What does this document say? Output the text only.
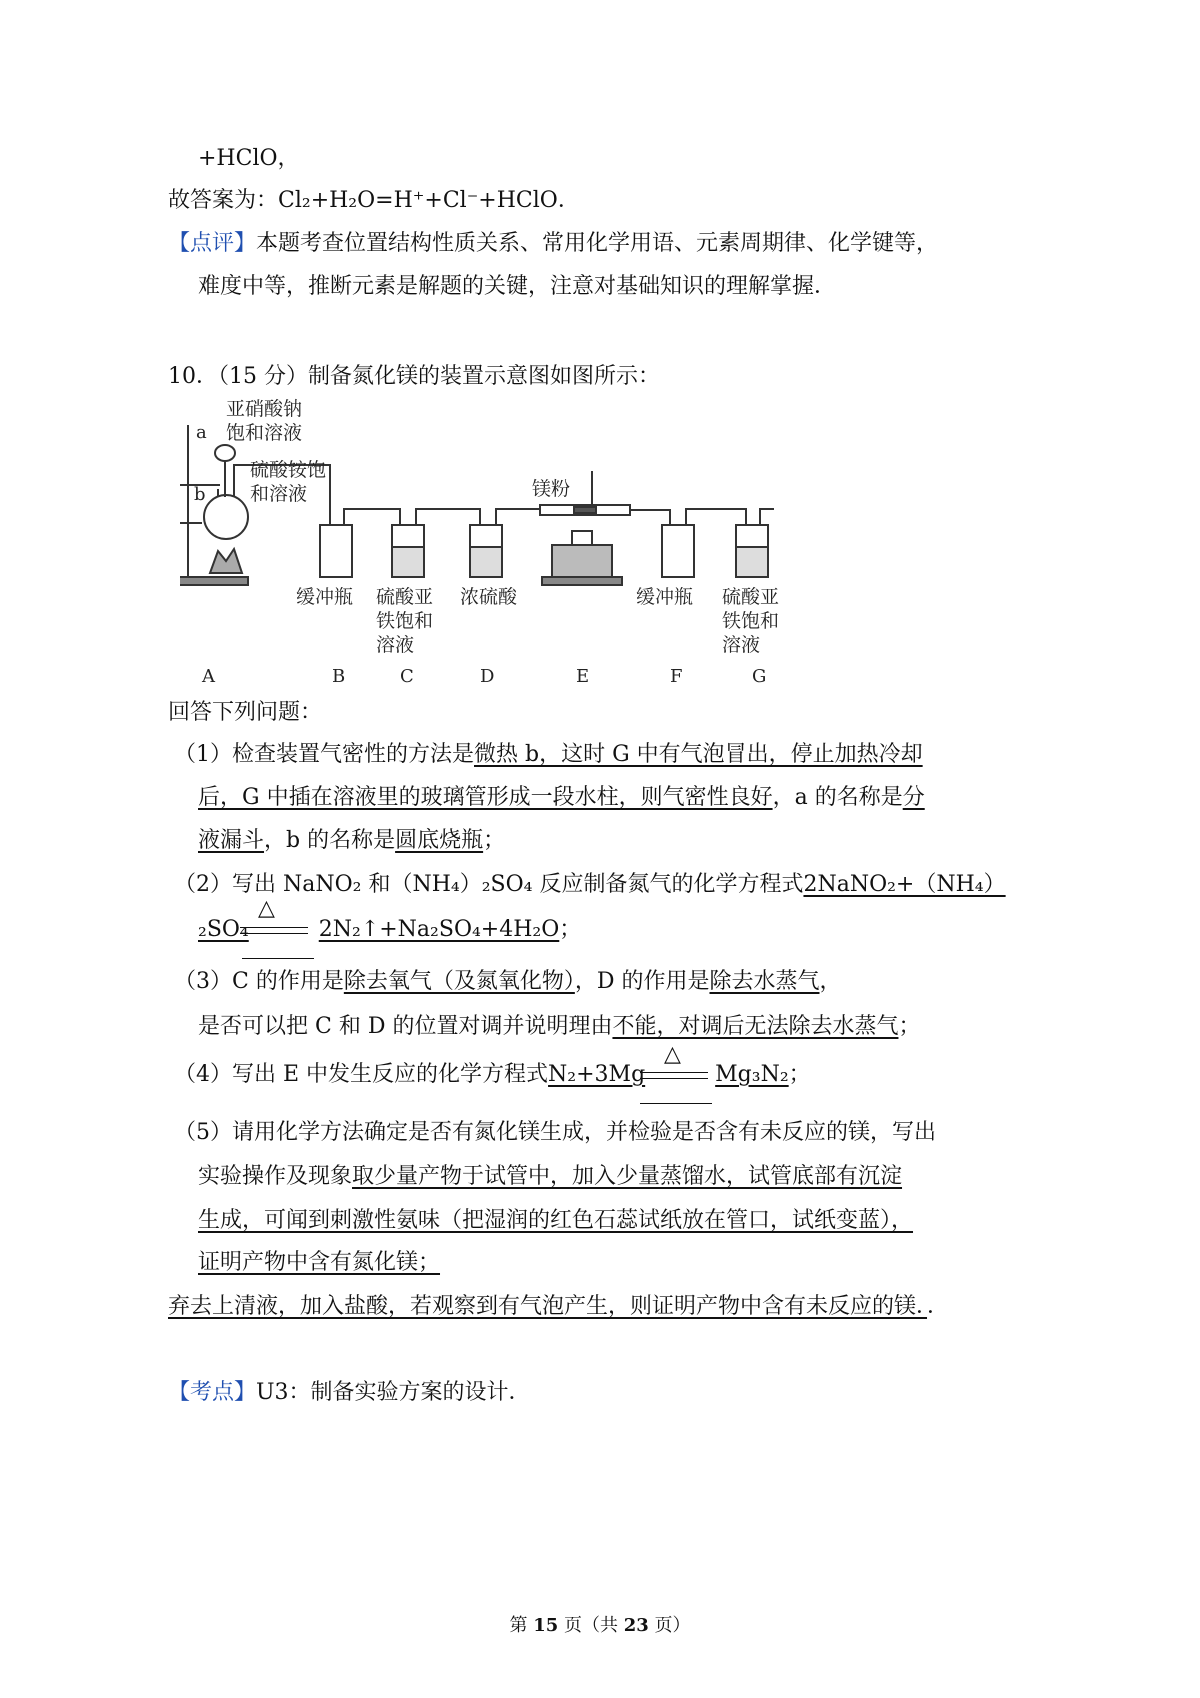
+HClO，
故答案为：Cl₂+H₂O=H⁺+Cl⁻+HClO．
【点评】本题考查位置结构性质关系、常用化学用语、元素周期律、化学键等，
难度中等，推断元素是解题的关键，注意对基础知识的理解掌握．
10．（15 分）制备氮化镁的装置示意图如图所示：
a
b
亚硝酸钠
饱和溶液
硫酸铵饱
和溶液	镁粉
缓冲瓶 硫酸亚
铁饱和
溶液
浓硫酸	缓冲瓶 硫酸亚
铁饱和
溶液
A	B	C	D	E	F	G
回答下列问题：
（1）检查装置气密性的方法是微热 b，这时 G 中有气泡冒出，停止加热冷却
后，G 中插在溶液里的玻璃管形成一段水柱，则气密性良好，a 的名称是分
液漏斗，b 的名称是圆底烧瓶；
（2）写出 NaNO₂ 和（NH₄）₂SO₄ 反应制备氮气的化学方程式2NaNO₂+（NH₄）
₂SO₄	2N₂↑+Na₂SO₄+4H₂O；
△
（3）C 的作用是除去氧气（及氮氧化物），D 的作用是除去水蒸气，
是否可以把 C 和 D 的位置对调并说明理由不能，对调后无法除去水蒸气；
（4）写出 E 中发生反应的化学方程式N₂+3Mg	Mg₃N₂；
△
（5）请用化学方法确定是否有氮化镁生成，并检验是否含有未反应的镁，写出
实验操作及现象取少量产物于试管中，加入少量蒸馏水，试管底部有沉淀
生成，可闻到刺激性氨味（把湿润的红色石蕊试纸放在管口，试纸变蓝），
证明产物中含有氮化镁；
弃去上清液，加入盐酸，若观察到有气泡产生，则证明产物中含有未反应的镁．．
【考点】U3：制备实验方案的设计．
第 15 页（共 23 页）
